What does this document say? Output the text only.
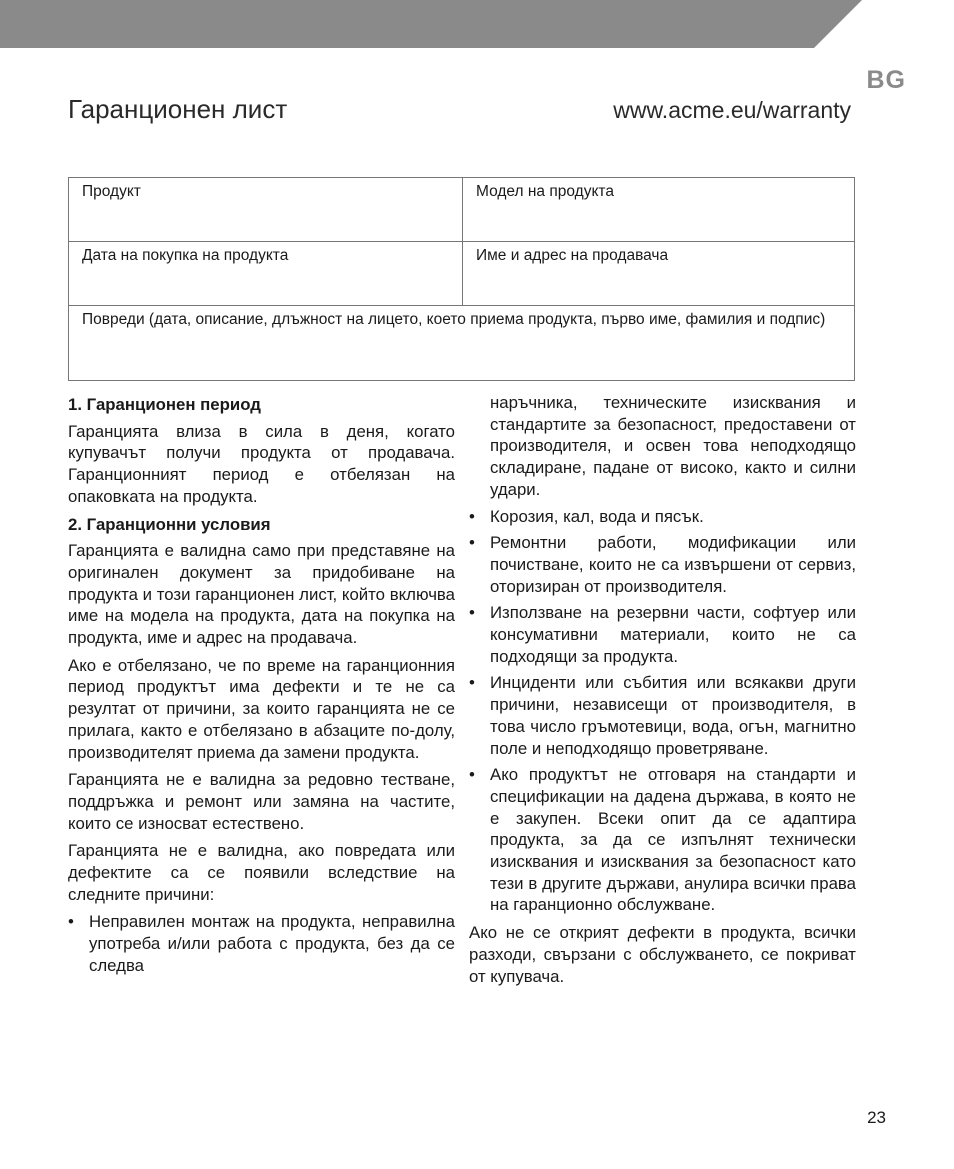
BG
Гаранционен лист	www.acme.eu/warranty
Продукт	Модел на продукта
Дата на покупка на продукта	Име и адрес на продавача
Повреди (дата, описание, длъжност на лицето, което приема продукта, първо име, фамилия и подпис)
1. Гаранционен период

Гаранцията влиза в сила в деня, когато купувачът получи продукта от продавача. Гаранционният период е отбелязан на опаковката на продукта.

2. Гаранционни условия

Гаранцията е валидна само при представяне на оригинален документ за придобиване на продукта и този гаранционен лист, който включва име на модела на продукта, дата на покупка на продукта, име и адрес на продавача.

Ако е отбелязано, че по време на гаранционния период продуктът има дефекти и те не са резултат от причини, за които гаранцията не се прилага, както е отбелязано в абзаците по-долу, производителят приема да замени продукта.

Гаранцията не е валидна за редовно тестване, поддръжка и ремонт или замяна на частите, които се износват естествено.

Гаранцията не е валидна, ако повредата или дефектите са се появили вследствие на следните причини:

• Неправилен монтаж на продукта, неправилна употреба и/или работа с продукта, без да се следва
наръчника, техническите изисквания и стандартите за безопасност, предоставени от производителя, и освен това неподходящо складиране, падане от високо, както и силни удари.
• Корозия, кал, вода и пясък.
• Ремонтни работи, модификации или почистване, които не са извършени от сервиз, оторизиран от производителя.
• Използване на резервни части, софтуер или консумативни материали, които не са подходящи за продукта.
• Инциденти или събития или всякакви други причини, независещи от производителя, в това число гръмотевици, вода, огън, магнитно поле и неподходящо проветряване.
• Ако продуктът не отговаря на стандарти и спецификации на дадена държава, в която не е закупен. Всеки опит да се адаптира продукта, за да се изпълнят технически изисквания и изисквания за безопасност като тези в другите държави, анулира всички права на гаранционно обслужване.

Ако не се открият дефекти в продукта, всички разходи, свързани с обслужването, се покриват от купувача.

23
